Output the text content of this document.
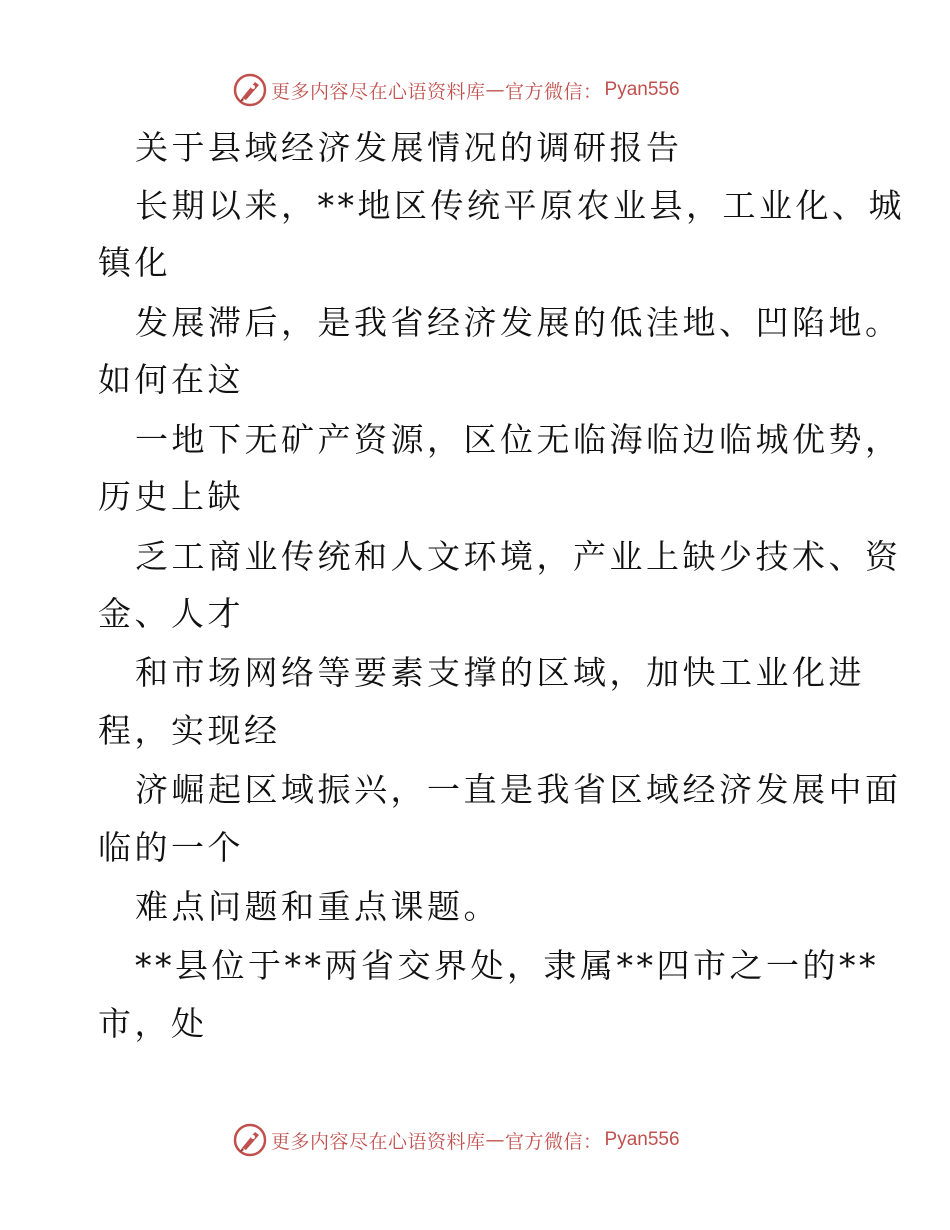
更多内容尽在心语资料库 — 官方微信： Pyan556
关于县域经济发展情况的调研报告
长期以来，**地区传统平原农业县，工业化、城
镇化
发展滞后，是我省经济发展的低洼地、凹陷地。
如何在这
一地下无矿产资源，区位无临海临边临城优势，
历史上缺
乏工商业传统和人文环境，产业上缺少技术、资
金、人才
和市场网络等要素支撑的区域，加快工业化进
程，实现经
济崛起区域振兴，一直是我省区域经济发展中面
临的一个
难点问题和重点课题。
**县位于**两省交界处，隶属**四市之一的**
市，处
更多内容尽在心语资料库 — 官方微信： Pyan556
